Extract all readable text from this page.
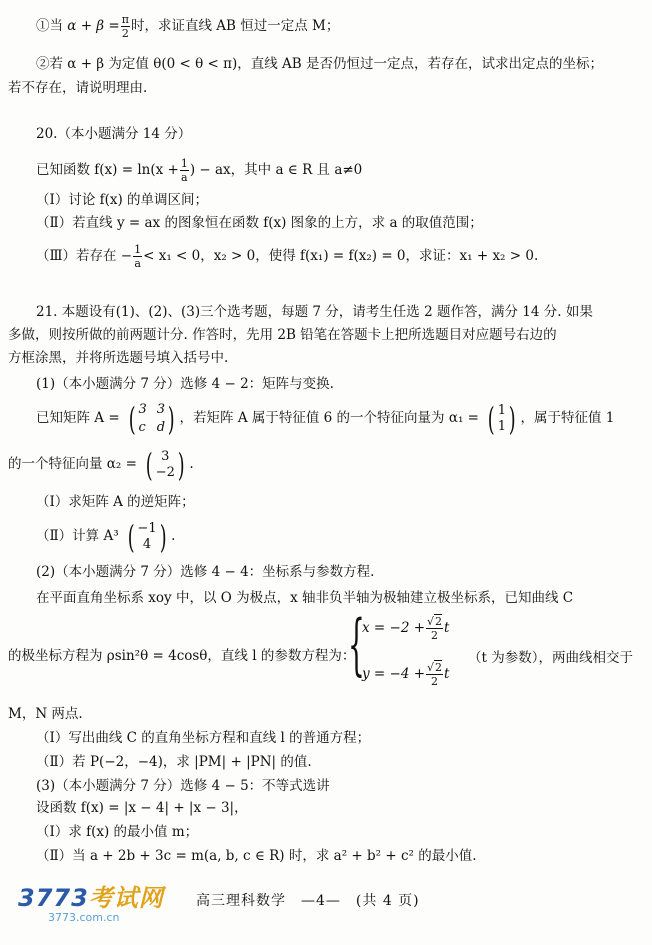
①当 $\alpha + \beta = \frac{\pi}{2}$ 时，求证直线 AB 恒过一定点 M；
②若 α + β 为定值 θ(0 < θ < π)，直线 AB 是否仍恒过一定点，若存在，试求出定点的坐标；
若不存在，请说明理由.
20.（本小题满分 14 分）
已知函数 $f(x) = \ln(x + \frac{1}{a}$ ) − ax，其中 a ∈ R 且 a≠0
（Ⅰ）讨论 f(x) 的单调区间；
（Ⅱ）若直线 y = ax 的图象恒在函数 f(x) 图象的上方，求 a 的取值范围；
（Ⅲ）若存在 − $\frac{1}{a} < x_1 < 0$，x₂ > 0，使得 f(x₁) = f(x₂) = 0，求证：x₁ + x₂ > 0.
21. 本题设有(1)、(2)、(3)三个选考题，每题 7 分，请考生任选 2 题作答，满分 14 分. 如果
多做，则按所做的前两题计分. 作答时，先用 2B 铅笔在答题卡上把所选题目对应题号右边的
方框涂黑，并将所选题号填入括号中.
(1)（本小题满分 7 分）选修 4 − 2：矩阵与变换.
已知矩阵 A = ( 3 3
c d ) ，若矩阵 A 属于特征值 6 的一个特征向量为 α₁ = ( 1
1 ) ，属于特征值 1
的一个特征向量 α₂ = ( 3
−2 ) .
（Ⅰ）求矩阵 A 的逆矩阵；
（Ⅱ）计算 A³ ( −1
4 ) .
(2)（本小题满分 7 分）选修 4 − 4：坐标系与参数方程.
在平面直角坐标系 xoy 中，以 O 为极点，x 轴非负半轴为极轴建立极坐标系，已知曲线 C
的极坐标方程为 ρsin²θ = 4cosθ，直线 l 的参数方程为：
{
$x = -2 + \frac{√2}{2}$ t
（t 为参数），两曲线相交于
$y = -4 + \frac{√2}{2}$ t
M，N 两点.
（Ⅰ）写出曲线 C 的直角坐标方程和直线 l 的普通方程；
（Ⅱ）若 P(−2，−4)，求 |PM| + |PN| 的值.
(3)（本小题满分 7 分）选修 4 − 5：不等式选讲
设函数 f(x) = |x − 4| + |x − 3|，
（Ⅰ）求 f(x) 的最小值 m；
（Ⅱ）当 a + 2b + 3c = m(a, b, c ∈ R) 时，求 a² + b² + c² 的最小值.
3773考试网
3773.com.cn
高三理科数学　—4—　(共 4 页)
